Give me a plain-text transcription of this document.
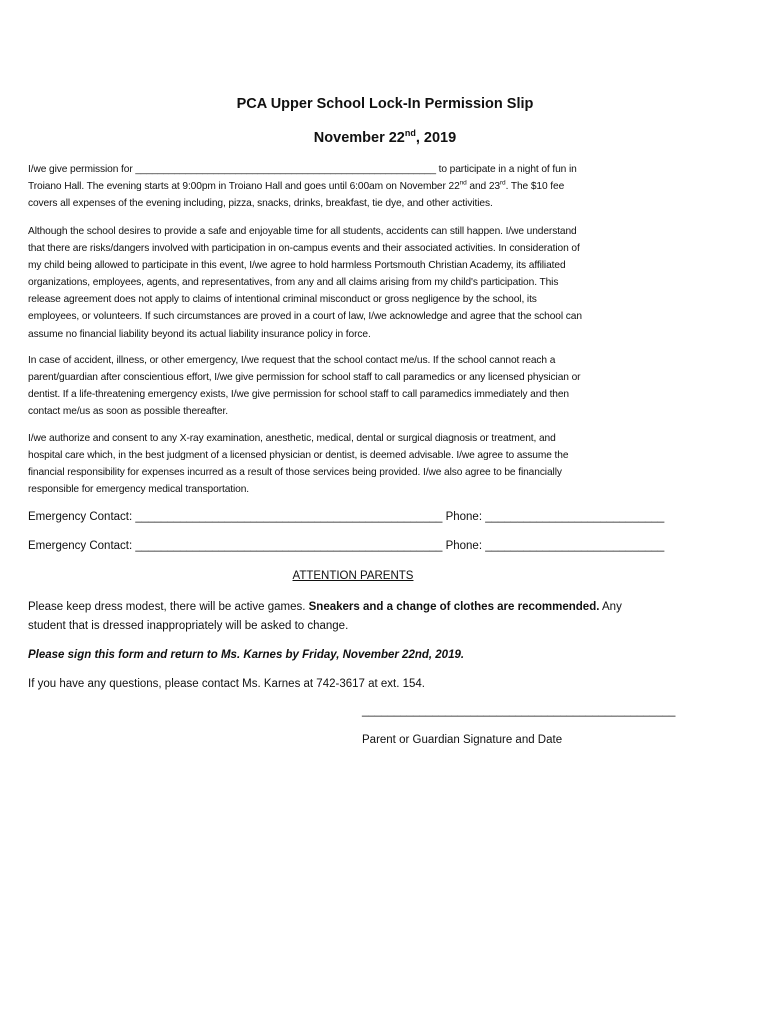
PCA Upper School Lock-In Permission Slip
November 22nd, 2019
I/we give permission for ______________________________________________________ to participate in a night of fun in
Troiano Hall. The evening starts at 9:00pm in Troiano Hall and goes until 6:00am on November 22nd and 23rd. The $10 fee
covers all expenses of the evening including, pizza, snacks, drinks, breakfast, tie dye, and other activities.
Although the school desires to provide a safe and enjoyable time for all students, accidents can still happen. I/we understand
that there are risks/dangers involved with participation in on-campus events and their associated activities. In consideration of
my child being allowed to participate in this event, I/we agree to hold harmless Portsmouth Christian Academy, its affiliated
organizations, employees, agents, and representatives, from any and all claims arising from my child's participation. This
release agreement does not apply to claims of intentional criminal misconduct or gross negligence by the school, its
employees, or volunteers. If such circumstances are proved in a court of law, I/we acknowledge and agree that the school can
assume no financial liability beyond its actual liability insurance policy in force.
In case of accident, illness, or other emergency, I/we request that the school contact me/us. If the school cannot reach a
parent/guardian after conscientious effort, I/we give permission for school staff to call paramedics or any licensed physician or
dentist. If a life-threatening emergency exists, I/we give permission for school staff to call paramedics immediately and then
contact me/us as soon as possible thereafter.
I/we authorize and consent to any X-ray examination, anesthetic, medical, dental or surgical diagnosis or treatment, and
hospital care which, in the best judgment of a licensed physician or dentist, is deemed advisable. I/we agree to assume the
financial responsibility for expenses incurred as a result of those services being provided. I/we also agree to be financially
responsible for emergency medical transportation.
Emergency Contact: ________________________________________________ Phone: ____________________________
Emergency Contact: ________________________________________________ Phone: ____________________________
ATTENTION PARENTS
Please keep dress modest, there will be active games. Sneakers and a change of clothes are recommended. Any
student that is dressed inappropriately will be asked to change.
Please sign this form and return to Ms. Karnes by Friday, November 22nd, 2019.
If you have any questions, please contact Ms. Karnes at 742-3617 at ext. 154.
_________________________________________________
Parent or Guardian Signature and Date
